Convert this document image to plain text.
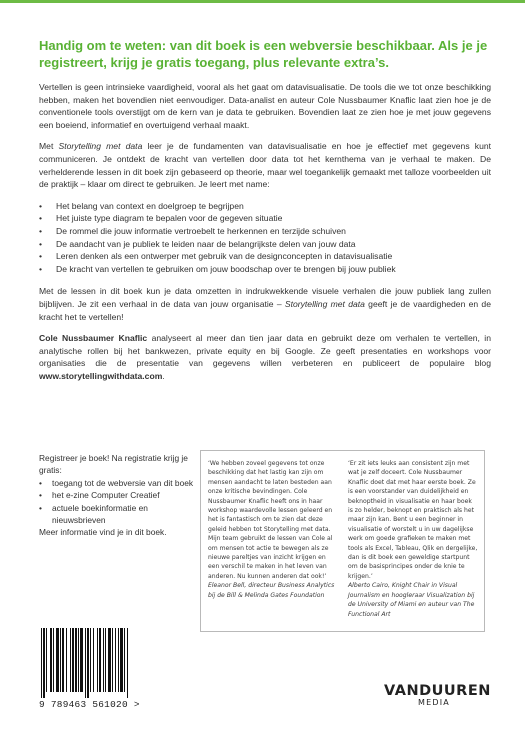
Handig om te weten: van dit boek is een webversie beschikbaar. Als je je registreert, krijg je gratis toegang, plus relevante extra’s.

Vertellen is geen intrinsieke vaardigheid, vooral als het gaat om datavisualisatie. De tools die we tot onze beschikking hebben, maken het bovendien niet eenvoudiger. Data-analist en auteur Cole Nussbaumer Knaflic laat zien hoe je de conventionele tools overstijgt om de kern van je data te gebruiken. Bovendien laat ze zien hoe je met jouw gegevens een boeiend, informatief en overtuigend verhaal maakt.

Met Storytelling met data leer je de fundamenten van datavisualisatie en hoe je effectief met gegevens kunt communiceren. Je ontdekt de kracht van vertellen door data tot het kernthema van je verhaal te maken. De verhelderende lessen in dit boek zijn gebaseerd op theorie, maar wel toegankelijk gemaakt met talloze voorbeelden uit de praktijk – klaar om direct te gebruiken. Je leert met name:

• Het belang van context en doelgroep te begrijpen
• Het juiste type diagram te bepalen voor de gegeven situatie
• De rommel die jouw informatie vertroebelt te herkennen en terzijde schuiven
• De aandacht van je publiek te leiden naar de belangrijkste delen van jouw data
• Leren denken als een ontwerper met gebruik van de designconcepten in datavisualisatie
• De kracht van vertellen te gebruiken om jouw boodschap over te brengen bij jouw publiek

Met de lessen in dit boek kun je data omzetten in indrukwekkende visuele verhalen die jouw publiek lang zullen bijblijven. Je zit een verhaal in de data van jouw organisatie – Storytelling met data geeft je de vaardigheden en de kracht het te vertellen!

Cole Nussbaumer Knaflic analyseert al meer dan tien jaar data en gebruikt deze om verhalen te vertellen, in analytische rollen bij het bankwezen, private equity en bij Google. Ze geeft presentaties en workshops voor organisaties die de presentatie van gegevens willen verbeteren en publiceert de populaire blog www.storytellingwithdata.com.

Registreer je boek! Na registratie krijg je gratis:
• toegang tot de webversie van dit boek
• het e-zine Computer Creatief
• actuele boekinformatie en nieuwsbrieven
Meer informatie vind je in dit boek.
‘We hebben zoveel gegevens tot onze beschikking dat het lastig kan zijn om mensen aandacht te laten besteden aan onze kritische bevindingen. Cole Nussbaumer Knaflic heeft ons in haar workshop waardevolle lessen geleerd en het is fantastisch om te zien dat deze geleid hebben tot Storytelling met data. Mijn team gebruikt de lessen van Cole al om mensen tot actie te bewegen als ze nieuwe pareltjes van inzicht krijgen en een verschil te maken in het leven van anderen. Nu kunnen anderen dat ook!’
Eleanor Bell, directeur Business Analytics bij de Bill & Melinda Gates Foundation
‘Er zit iets leuks aan consistent zijn met wat je zelf doceert. Cole Nussbaumer Knaflic doet dat met haar eerste boek. Ze is een voorstander van duidelijkheid en beknoptheid in visualisatie en haar boek is zo helder, beknopt en praktisch als het maar zijn kan. Bent u een beginner in visualisatie of worstelt u in uw dagelijkse werk om goede grafieken te maken met tools als Excel, Tableau, Qlik en dergelijke, dan is dit boek een geweldige startpunt om de basisprincipes onder de knie te krijgen.’
Alberto Cairo, Knight Chair in Visual Journalism en hoogleraar Visualization bij de University of Miami en auteur van The Functional Art
9 789463 561020 >
VANDUUREN
MEDIA
